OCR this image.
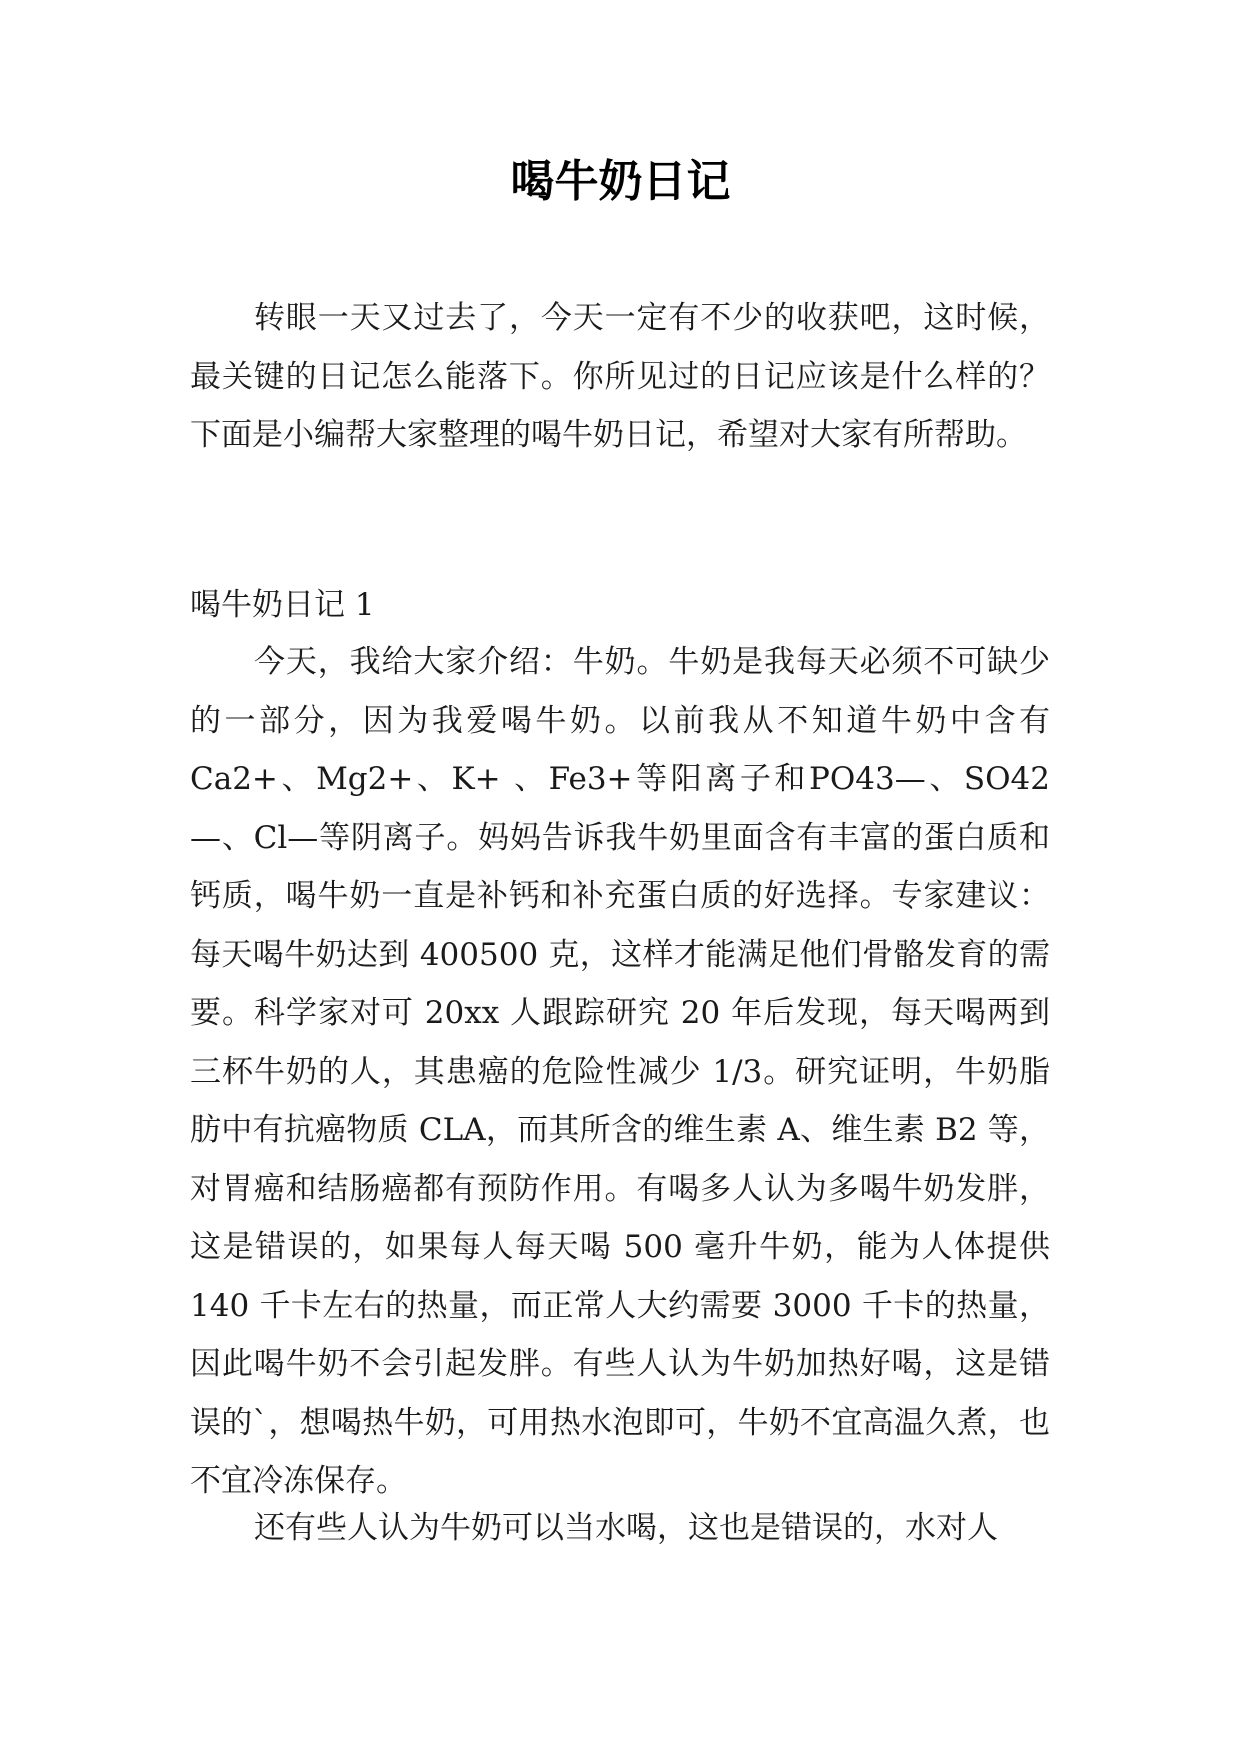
喝牛奶日记

转眼一天又过去了，今天一定有不少的收获吧，这时候，最关键的日记怎么能落下。你所见过的日记应该是什么样的？下面是小编帮大家整理的喝牛奶日记，希望对大家有所帮助。

喝牛奶日记 1

今天，我给大家介绍：牛奶。牛奶是我每天必须不可缺少的一部分，因为我爱喝牛奶。以前我从不知道牛奶中含有Ca2+、Mg2+、K+ 、Fe3+等阳离子和PO43—、SO42—、Cl—等阴离子。妈妈告诉我牛奶里面含有丰富的蛋白质和钙质，喝牛奶一直是补钙和补充蛋白质的好选择。专家建议：每天喝牛奶达到 400500 克，这样才能满足他们骨骼发育的需要。科学家对可 20xx 人跟踪研究 20 年后发现，每天喝两到三杯牛奶的人，其患癌的危险性减少 1/3。研究证明，牛奶脂肪中有抗癌物质 CLA，而其所含的维生素 A、维生素 B2 等，对胃癌和结肠癌都有预防作用。有喝多人认为多喝牛奶发胖，这是错误的，如果每人每天喝 500 毫升牛奶，能为人体提供 140 千卡左右的热量，而正常人大约需要 3000 千卡的热量，因此喝牛奶不会引起发胖。有些人认为牛奶加热好喝，这是错误的`，想喝热牛奶，可用热水泡即可，牛奶不宜高温久煮，也不宜冷冻保存。

还有些人认为牛奶可以当水喝，这也是错误的，水对人
